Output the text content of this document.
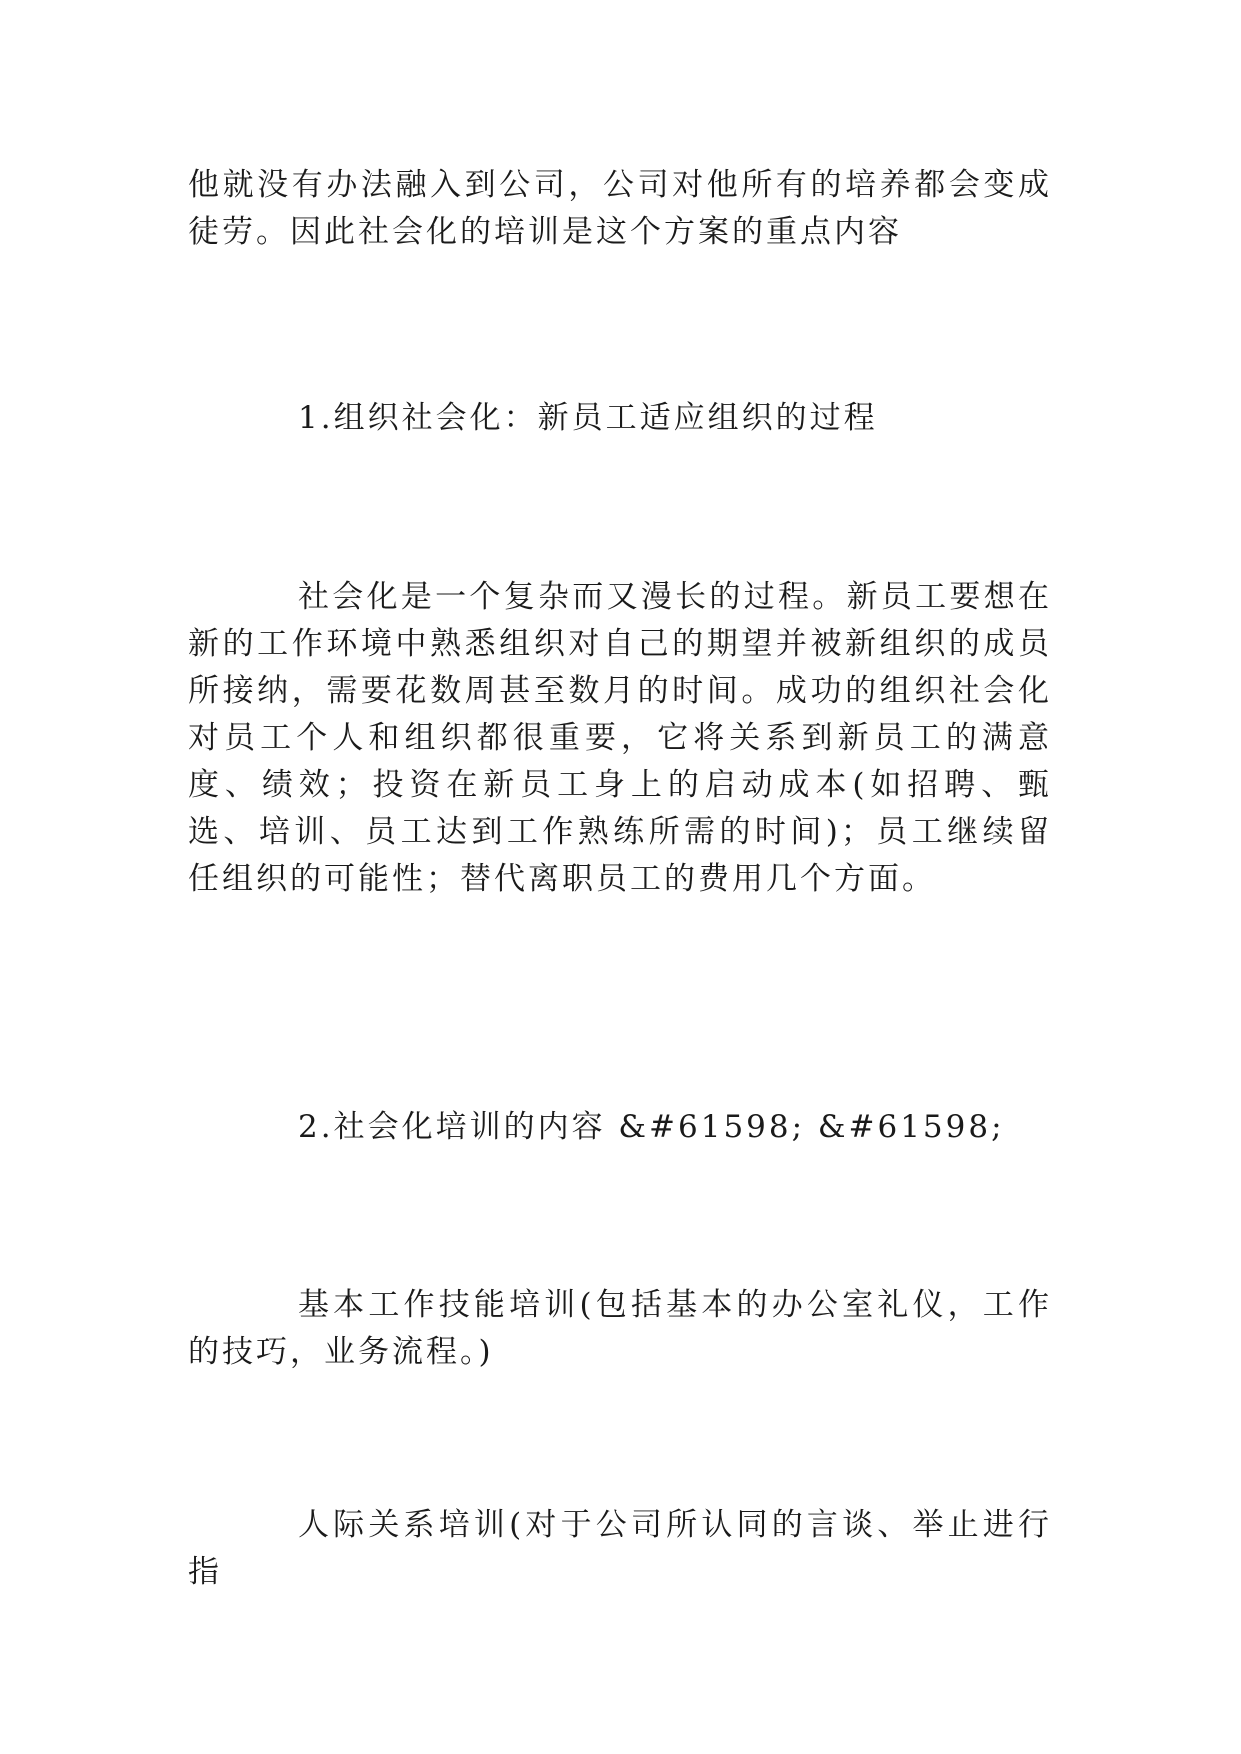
他就没有办法融入到公司，公司对他所有的培养都会变成徒劳。因此社会化的培训是这个方案的重点内容

1.组织社会化：新员工适应组织的过程

社会化是一个复杂而又漫长的过程。新员工要想在新的工作环境中熟悉组织对自己的期望并被新组织的成员所接纳，需要花数周甚至数月的时间。成功的组织社会化对员工个人和组织都很重要，它将关系到新员工的满意度、绩效；投资在新员工身上的启动成本(如招聘、甄选、培训、员工达到工作熟练所需的时间)；员工继续留任组织的可能性；替代离职员工的费用几个方面。

2.社会化培训的内容 &#61598; &#61598;

基本工作技能培训(包括基本的办公室礼仪，工作的技巧，业务流程。)

人际关系培训(对于公司所认同的言谈、举止进行指
